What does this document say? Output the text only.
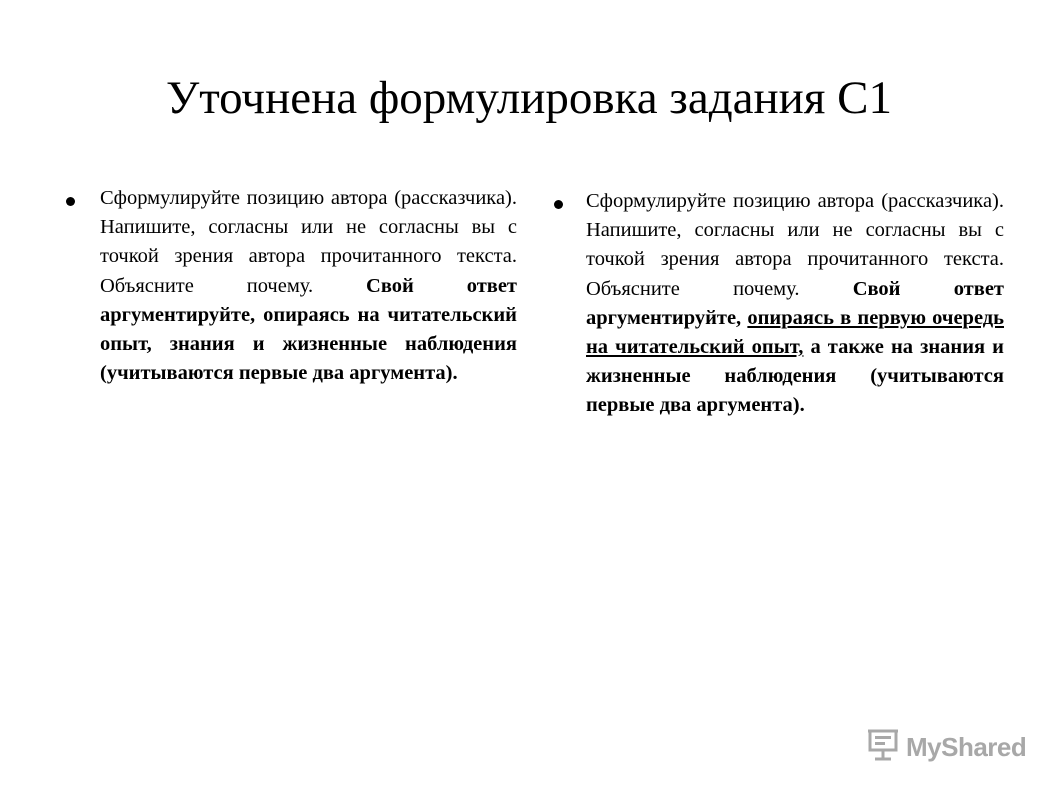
Уточнена формулировка задания С1
Сформулируйте позицию автора (рассказчика). Напишите, согласны или не согласны вы с точкой зрения автора прочитанного текста. Объясните почему. Свой ответ аргументируйте, опираясь на читательский опыт, знания и жизненные наблюдения (учитываются первые два аргумента).
Сформулируйте позицию автора (рассказчика). Напишите, согласны или не согласны вы с точкой зрения автора прочитанного текста. Объясните почему. Свой ответ аргументируйте, опираясь в первую очередь на читательский опыт, а также на знания и жизненные наблюдения (учитываются первые два аргумента).
MyShared
